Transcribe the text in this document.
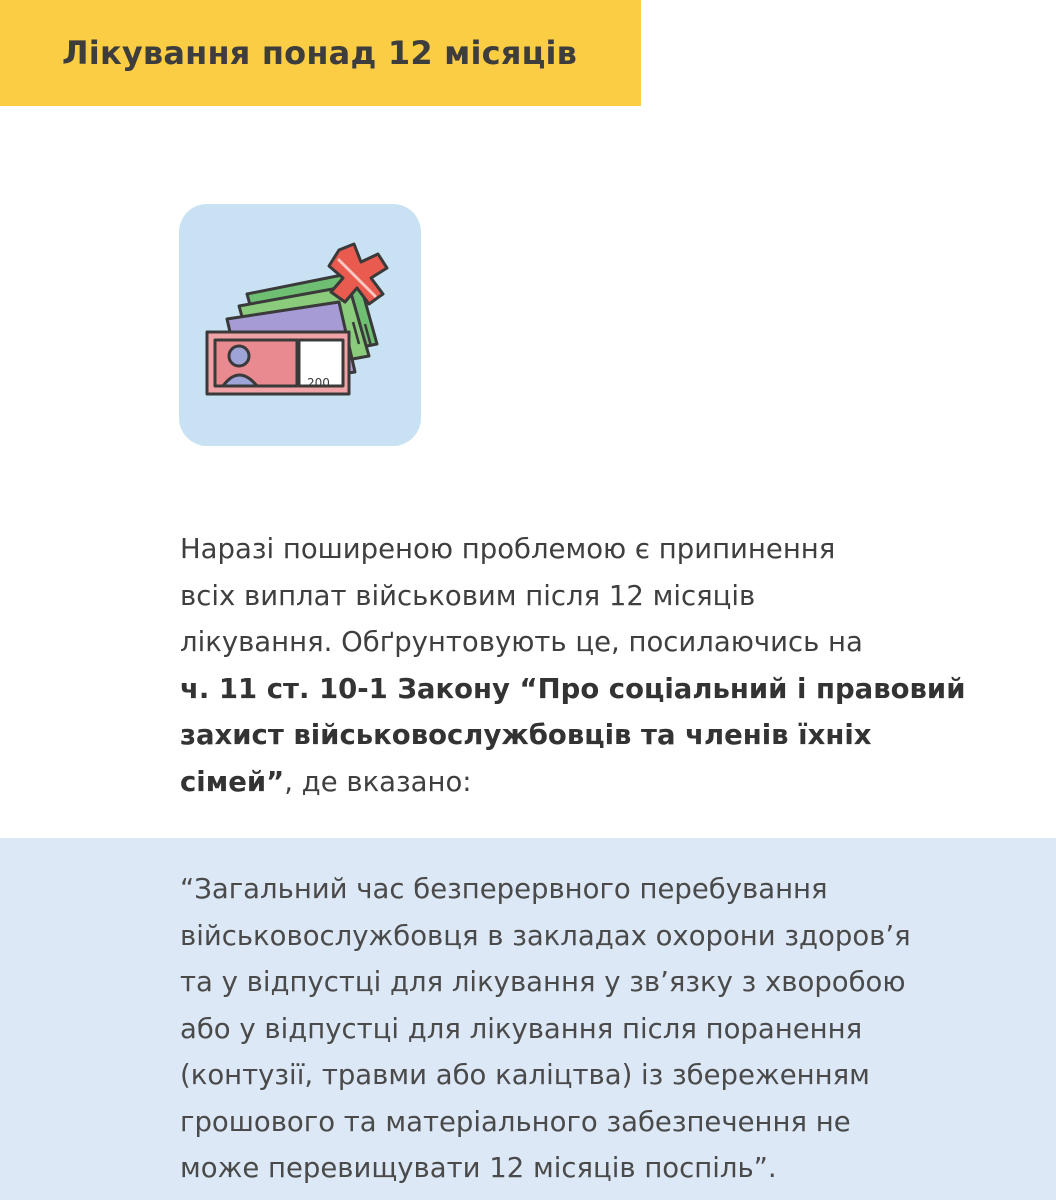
Лікування понад 12 місяців
200

Наразі поширеною проблемою є припинення
всіх виплат військовим після 12 місяців
лікування. Обґрунтовують це, посилаючись на
ч. 11 ст. 10-1 Закону “Про соціальний і правовий
захист військовослужбовців та членів їхніх
сімей”, де вказано:

“Загальний час безперервного перебування
військовослужбовця в закладах охорони здоров’я
та у відпустці для лікування у зв’язку з хворобою
або у відпустці для лікування після поранення
(контузії, травми або каліцтва) із збереженням
грошового та матеріального забезпечення не
може перевищувати 12 місяців поспіль”.
